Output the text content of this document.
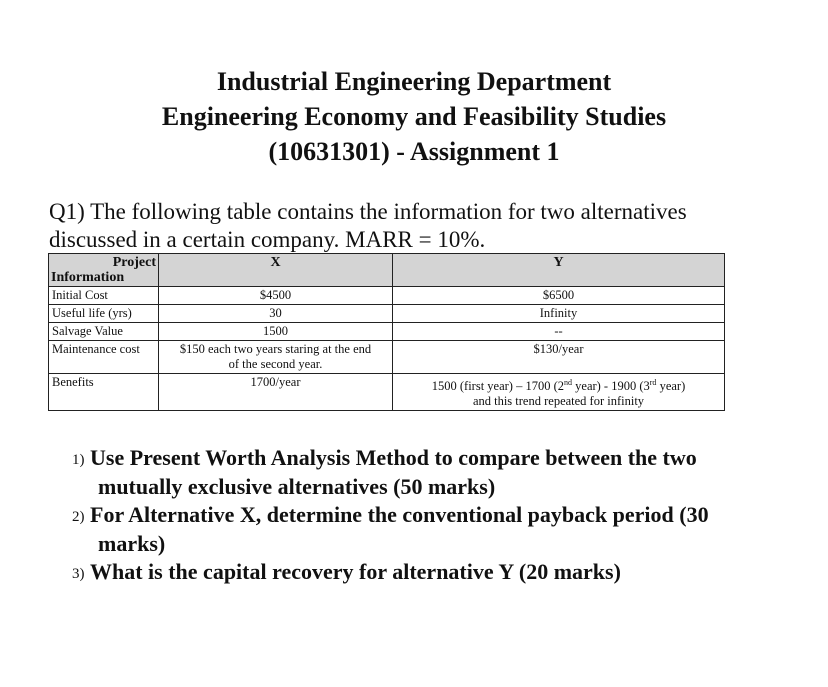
Industrial Engineering Department
Engineering Economy and Feasibility Studies
(10631301) - Assignment 1
Q1) The following table contains the information for two alternatives
discussed in a certain company. MARR = 10%.
Project
Information	X	Y
Initial Cost	$4500	$6500
Useful life (yrs)	30	Infinity
Salvage Value	1500	--
Maintenance cost	$150 each two years staring at the end
of the second year.	$130/year
Benefits	1700/year	1500 (first year) – 1700 (2nd year) - 1900 (3rd year)
and this trend repeated for infinity
1) Use Present Worth Analysis Method to compare between the two
mutually exclusive alternatives (50 marks)
2) For Alternative X, determine the conventional payback period (30
marks)
3) What is the capital recovery for alternative Y (20 marks)
